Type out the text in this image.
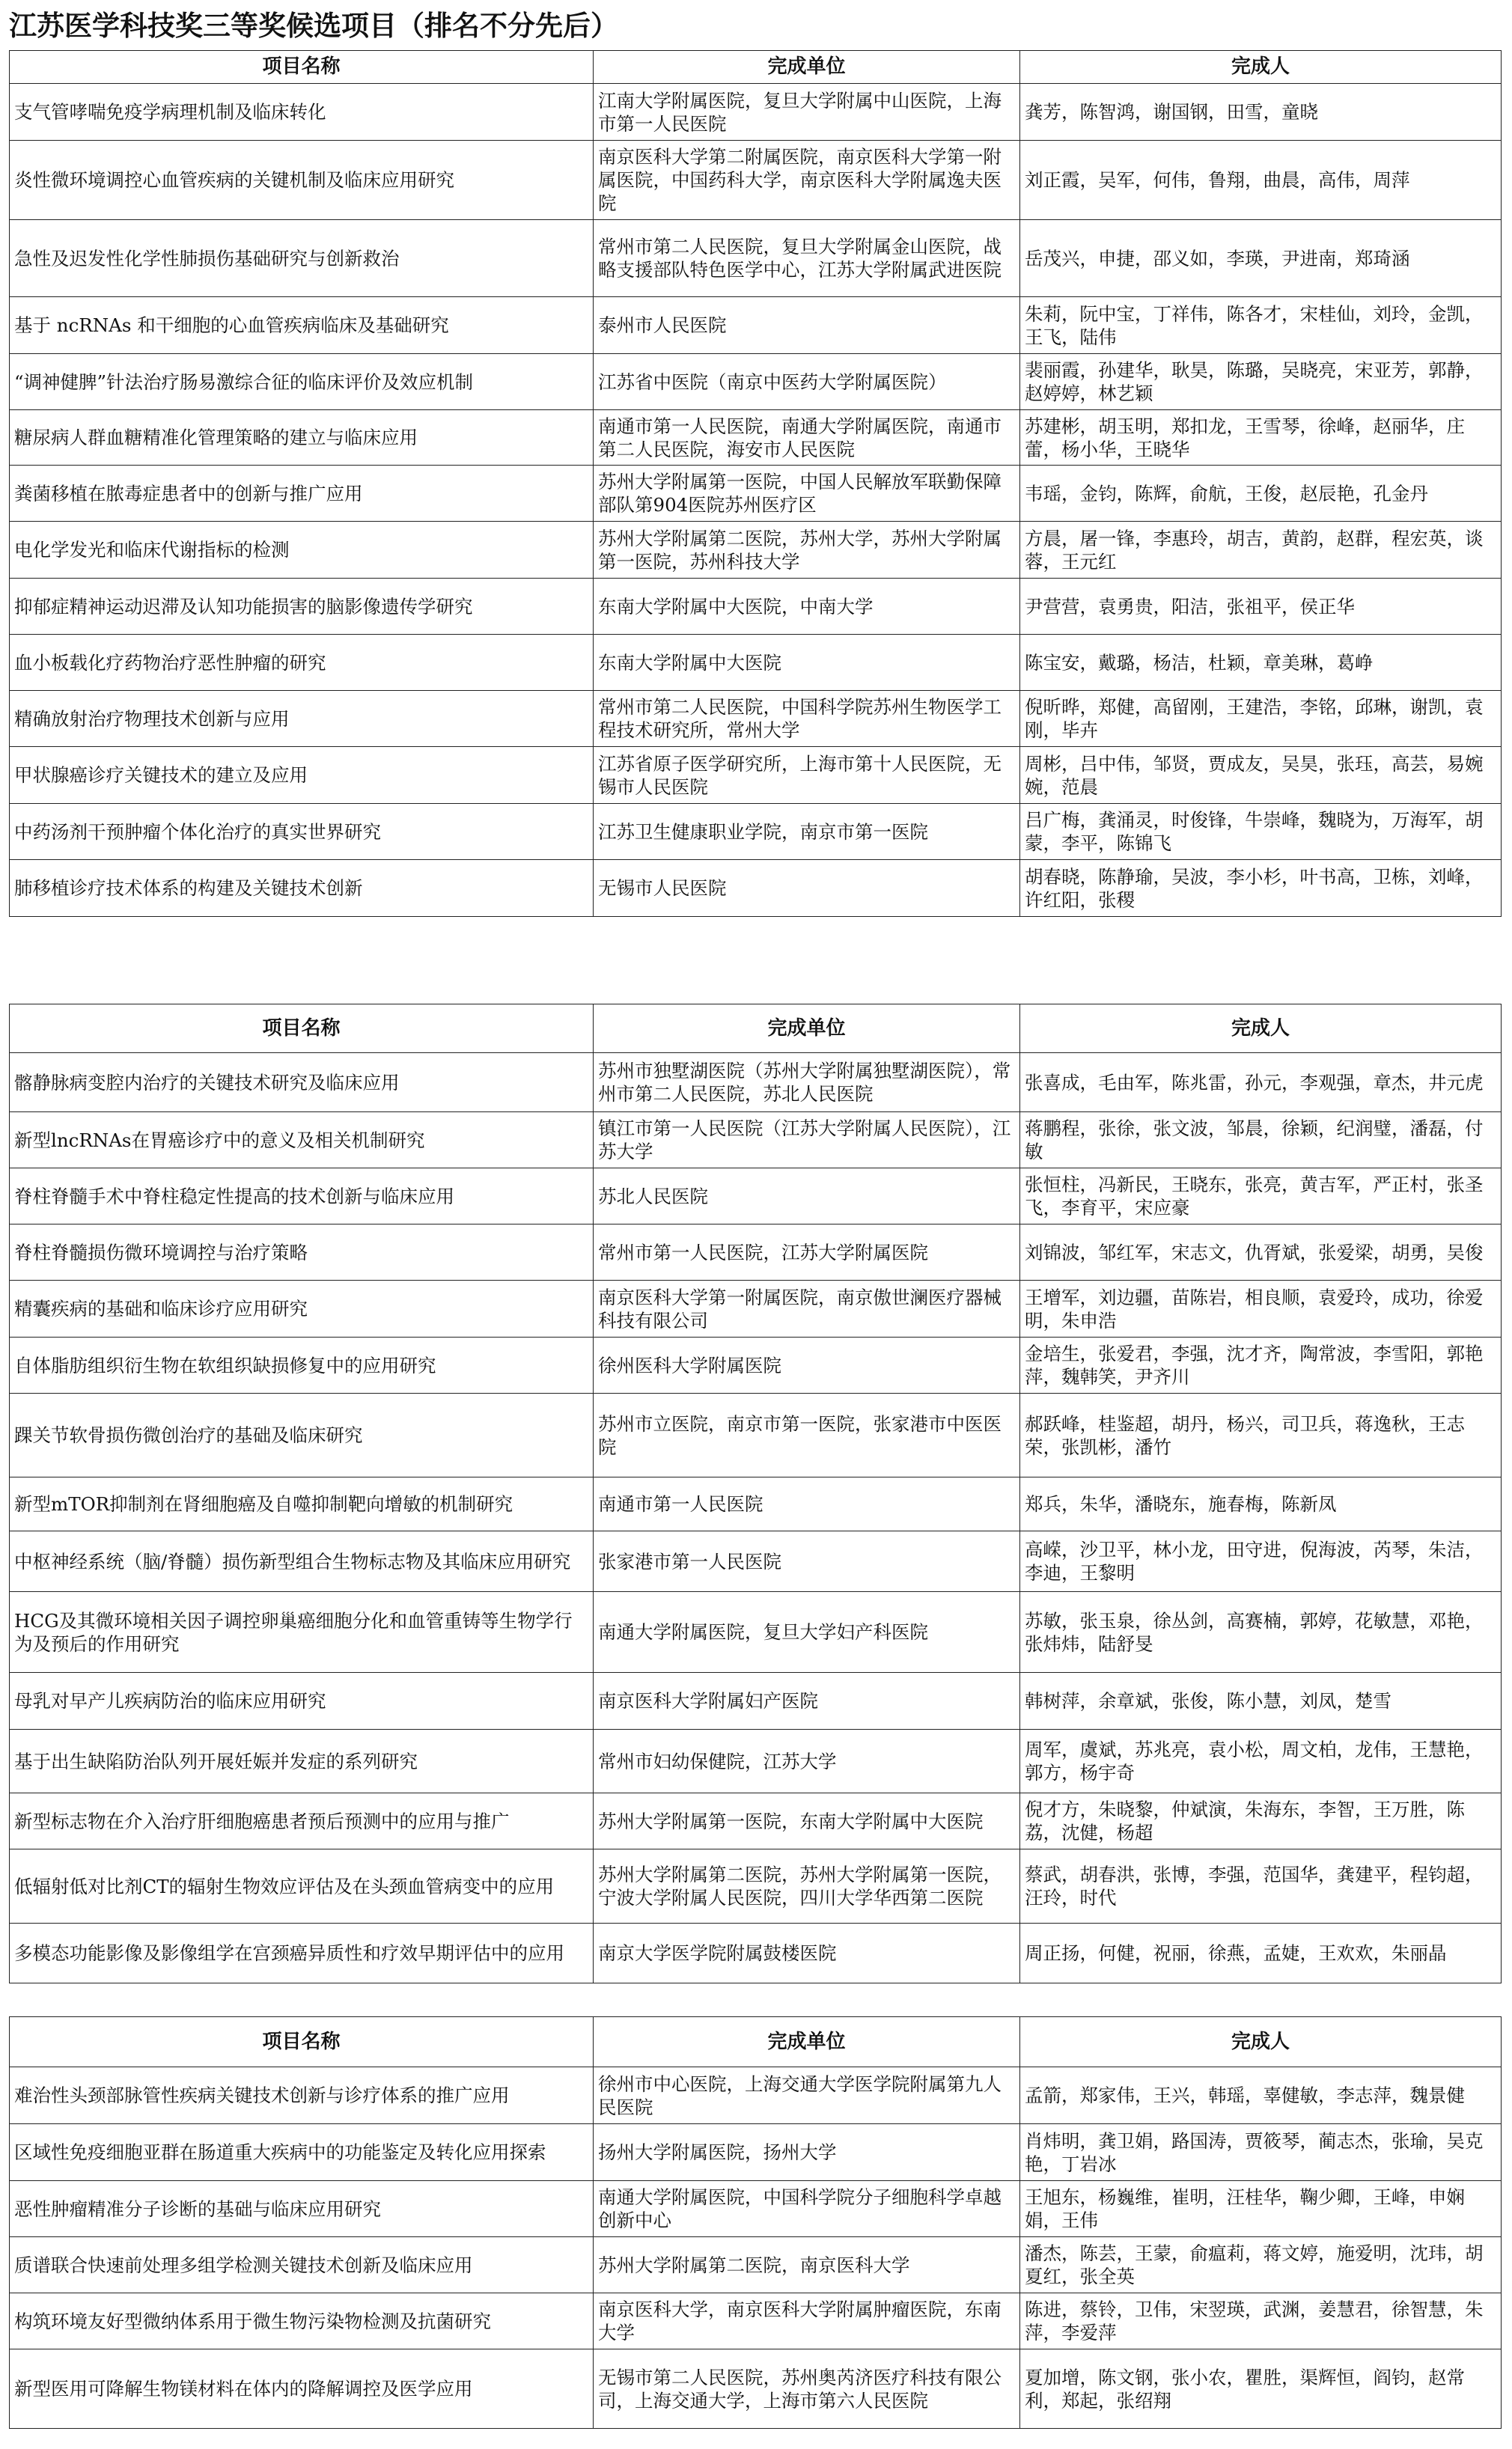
江苏医学科技奖三等奖候选项目（排名不分先后）
项目名称	完成单位	完成人
支气管哮喘免疫学病理机制及临床转化	江南大学附属医院，复旦大学附属中山医院，上海市第一人民医院	龚芳，陈智鸿，谢国钢，田雪，童晓
炎性微环境调控心血管疾病的关键机制及临床应用研究	南京医科大学第二附属医院，南京医科大学第一附属医院，中国药科大学，南京医科大学附属逸夫医院	刘正霞，吴军，何伟，鲁翔，曲晨，高伟，周萍
急性及迟发性化学性肺损伤基础研究与创新救治	常州市第二人民医院，复旦大学附属金山医院，战略支援部队特色医学中心，江苏大学附属武进医院	岳茂兴，申捷，邵义如，李瑛，尹进南，郑琦涵
基于 ncRNAs 和干细胞的心血管疾病临床及基础研究	泰州市人民医院	朱莉，阮中宝，丁祥伟，陈各才，宋桂仙，刘玲，金凯，王飞，陆伟
“调神健脾”针法治疗肠易激综合征的临床评价及效应机制	江苏省中医院（南京中医药大学附属医院）	裴丽霞，孙建华，耿昊，陈璐，吴晓亮，宋亚芳，郭静，赵婷婷，林艺颖
糖尿病人群血糖精准化管理策略的建立与临床应用	南通市第一人民医院，南通大学附属医院，南通市第二人民医院，海安市人民医院	苏建彬，胡玉明，郑扣龙，王雪琴，徐峰，赵丽华，庄蕾，杨小华，王晓华
粪菌移植在脓毒症患者中的创新与推广应用	苏州大学附属第一医院，中国人民解放军联勤保障部队第904医院苏州医疗区	韦瑶，金钧，陈辉，俞航，王俊，赵辰艳，孔金丹
电化学发光和临床代谢指标的检测	苏州大学附属第二医院，苏州大学，苏州大学附属第一医院，苏州科技大学	方晨，屠一锋，李惠玲，胡吉，黄韵，赵群，程宏英，谈蓉，王元红
抑郁症精神运动迟滞及认知功能损害的脑影像遗传学研究	东南大学附属中大医院，中南大学	尹营营，袁勇贵，阳洁，张祖平，侯正华
血小板载化疗药物治疗恶性肿瘤的研究	东南大学附属中大医院	陈宝安，戴璐，杨洁，杜颖，章美琳，葛峥
精确放射治疗物理技术创新与应用	常州市第二人民医院，中国科学院苏州生物医学工程技术研究所，常州大学	倪昕晔，郑健，高留刚，王建浩，李铭，邱琳，谢凯，袁刚，毕卉
甲状腺癌诊疗关键技术的建立及应用	江苏省原子医学研究所，上海市第十人民医院，无锡市人民医院	周彬，吕中伟，邹贤，贾成友，吴昊，张珏，高芸，易婉婉，范晨
中药汤剂干预肿瘤个体化治疗的真实世界研究	江苏卫生健康职业学院，南京市第一医院	吕广梅，龚涌灵，时俊锋，牛崇峰，魏晓为，万海军，胡蒙，李平，陈锦飞
肺移植诊疗技术体系的构建及关键技术创新	无锡市人民医院	胡春晓，陈静瑜，吴波，李小杉，叶书高，卫栋，刘峰，许红阳，张稷
项目名称	完成单位	完成人
髂静脉病变腔内治疗的关键技术研究及临床应用	苏州市独墅湖医院（苏州大学附属独墅湖医院），常州市第二人民医院，苏北人民医院	张喜成，毛由军，陈兆雷，孙元，李观强，章杰，井元虎
新型lncRNAs在胃癌诊疗中的意义及相关机制研究	镇江市第一人民医院（江苏大学附属人民医院），江苏大学	蒋鹏程，张徐，张文波，邹晨，徐颖，纪润璧，潘磊，付敏
脊柱脊髓手术中脊柱稳定性提高的技术创新与临床应用	苏北人民医院	张恒柱，冯新民，王晓东，张亮，黄吉军，严正村，张圣飞，李育平，宋应豪
脊柱脊髓损伤微环境调控与治疗策略	常州市第一人民医院，江苏大学附属医院	刘锦波，邹红军，宋志文，仇胥斌，张爱梁，胡勇，吴俊
精囊疾病的基础和临床诊疗应用研究	南京医科大学第一附属医院，南京傲世澜医疗器械科技有限公司	王增军，刘边疆，苗陈岩，相良顺，袁爱玲，成功，徐爱明，朱申浩
自体脂肪组织衍生物在软组织缺损修复中的应用研究	徐州医科大学附属医院	金培生，张爱君，李强，沈才齐，陶常波，李雪阳，郭艳萍，魏韩笑，尹齐川
踝关节软骨损伤微创治疗的基础及临床研究	苏州市立医院，南京市第一医院，张家港市中医医院	郝跃峰，桂鉴超，胡丹，杨兴，司卫兵，蒋逸秋，王志荣，张凯彬，潘竹
新型mTOR抑制剂在肾细胞癌及自噬抑制靶向增敏的机制研究	南通市第一人民医院	郑兵，朱华，潘晓东，施春梅，陈新凤
中枢神经系统（脑/脊髓）损伤新型组合生物标志物及其临床应用研究	张家港市第一人民医院	高嵘，沙卫平，林小龙，田守进，倪海波，芮琴，朱洁，李迪，王黎明
HCG及其微环境相关因子调控卵巢癌细胞分化和血管重铸等生物学行为及预后的作用研究	南通大学附属医院，复旦大学妇产科医院	苏敏，张玉泉，徐丛剑，高赛楠，郭婷，花敏慧，邓艳，张炜炜，陆舒旻
母乳对早产儿疾病防治的临床应用研究	南京医科大学附属妇产医院	韩树萍，余章斌，张俊，陈小慧，刘凤，楚雪
基于出生缺陷防治队列开展妊娠并发症的系列研究	常州市妇幼保健院，江苏大学	周军，虞斌，苏兆亮，袁小松，周文柏，龙伟，王慧艳，郭方，杨宇奇
新型标志物在介入治疗肝细胞癌患者预后预测中的应用与推广	苏州大学附属第一医院，东南大学附属中大医院	倪才方，朱晓黎，仲斌演，朱海东，李智，王万胜，陈荔，沈健，杨超
低辐射低对比剂CT的辐射生物效应评估及在头颈血管病变中的应用	苏州大学附属第二医院，苏州大学附属第一医院，宁波大学附属人民医院，四川大学华西第二医院	蔡武，胡春洪，张博，李强，范国华，龚建平，程钧超，汪玲，时代
多模态功能影像及影像组学在宫颈癌异质性和疗效早期评估中的应用	南京大学医学院附属鼓楼医院	周正扬，何健，祝丽，徐燕，孟婕，王欢欢，朱丽晶
项目名称	完成单位	完成人
难治性头颈部脉管性疾病关键技术创新与诊疗体系的推广应用	徐州市中心医院，上海交通大学医学院附属第九人民医院	孟箭，郑家伟，王兴，韩瑶，辜健敏，李志萍，魏景健
区域性免疫细胞亚群在肠道重大疾病中的功能鉴定及转化应用探索	扬州大学附属医院，扬州大学	肖炜明，龚卫娟，路国涛，贾筱琴，蔺志杰，张瑜，吴克艳，丁岩冰
恶性肿瘤精准分子诊断的基础与临床应用研究	南通大学附属医院，中国科学院分子细胞科学卓越创新中心	王旭东，杨巍维，崔明，汪桂华，鞠少卿，王峰，申娴娟，王伟
质谱联合快速前处理多组学检测关键技术创新及临床应用	苏州大学附属第二医院，南京医科大学	潘杰，陈芸，王蒙，俞瘟莉，蒋文婷，施爱明，沈玮，胡夏红，张全英
构筑环境友好型微纳体系用于微生物污染物检测及抗菌研究	南京医科大学，南京医科大学附属肿瘤医院，东南大学	陈进，蔡铃，卫伟，宋翌瑛，武渊，姜慧君，徐智慧，朱萍，李爱萍
新型医用可降解生物镁材料在体内的降解调控及医学应用	无锡市第二人民医院，苏州奥芮济医疗科技有限公司，上海交通大学，上海市第六人民医院	夏加增，陈文钢，张小农，瞿胜，渠辉恒，阎钧，赵常利，郑起，张绍翔
